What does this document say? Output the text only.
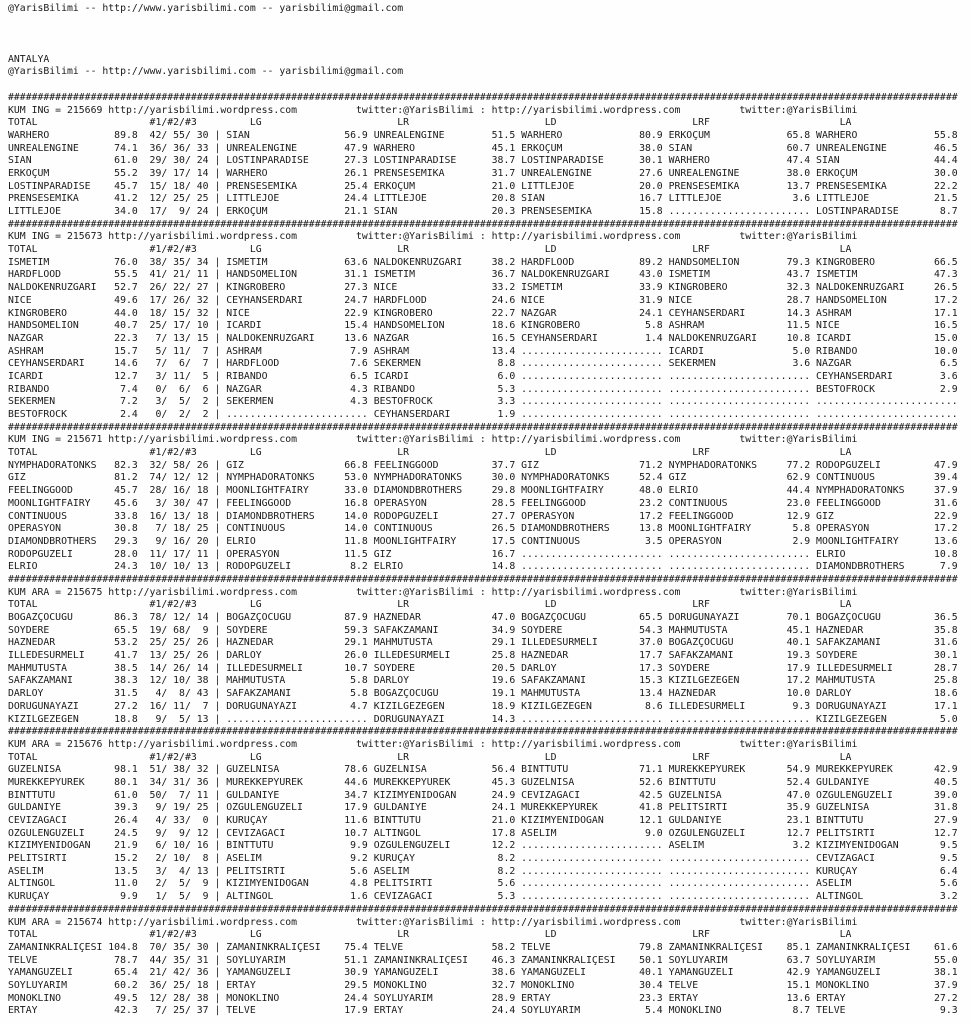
@YarisBilimi -- http://www.yarisbilimi.com -- yarisbilimi@gmail.com
ANTALYA
@YarisBilimi -- http://www.yarisbilimi.com -- yarisbilimi@gmail.com
#################################################################################################################################################################
KUM ING = 215669 http://yarisbilimi.wordpress.com          twitter:@YarisBilimi : http://yarisbilimi.wordpress.com          twitter:@YarisBilimi
TOTAL                   #1/#2/#3         LG                       LR                       LD                       LRF                      LA
WARHERO           89.8  42/ 55/ 30 | SIAN                56.9 UNREALENGINE        51.5 WARHERO             80.9 ERKOÇUM             65.8 WARHERO             55.8
UNREALENGINE      74.1  36/ 36/ 33 | UNREALENGINE        47.9 WARHERO             45.1 ERKOÇUM             38.0 SIAN                60.7 UNREALENGINE        46.5
SIAN              61.0  29/ 30/ 24 | LOSTINPARADISE      27.3 LOSTINPARADISE      38.7 LOSTINPARADISE      30.1 WARHERO             47.4 SIAN                44.4
ERKOÇUM           55.2  39/ 17/ 14 | WARHERO             26.1 PRENSESEMIKA        31.7 UNREALENGINE        27.6 UNREALENGINE        38.0 ERKOÇUM             30.0
LOSTINPARADISE    45.7  15/ 18/ 40 | PRENSESEMIKA        25.4 ERKOÇUM             21.0 LITTLEJOE           20.0 PRENSESEMIKA        13.7 PRENSESEMIKA        22.2
PRENSESEMIKA      41.2  12/ 25/ 25 | LITTLEJOE           24.4 LITTLEJOE           20.8 SIAN                16.7 LITTLEJOE            3.6 LITTLEJOE           21.5
LITTLEJOE         34.0  17/  9/ 24 | ERKOÇUM             21.1 SIAN                20.3 PRENSESEMIKA        15.8 ........................ LOSTINPARADISE       8.7
#################################################################################################################################################################
KUM ING = 215673 http://yarisbilimi.wordpress.com          twitter:@YarisBilimi : http://yarisbilimi.wordpress.com          twitter:@YarisBilimi
TOTAL                   #1/#2/#3         LG                       LR                       LD                       LRF                      LA
ISMETIM           76.0  38/ 35/ 34 | ISMETIM             63.6 NALDÖKENRÜZGARI     38.2 HARDFLOOD           89.2 HANDSOMELION        79.3 KINGROBERO          66.5
HARDFLOOD         55.5  41/ 21/ 11 | HANDSOMELION        31.1 ISMETIM             36.7 NALDÖKENRÜZGARI     43.0 ISMETIM             43.7 ISMETIM             47.3
NALDÖKENRÜZGARI   52.7  26/ 22/ 27 | KINGROBERO          27.3 NICE                33.2 ISMETIM             33.9 KINGROBERO          32.3 NALDÖKENRÜZGARI     26.5
NICE              49.6  17/ 26/ 32 | CEYHANSERDARI       24.7 HARDFLOOD           24.6 NICE                31.9 NICE                28.7 HANDSOMELION        17.2
KINGROBERO        44.0  18/ 15/ 32 | NICE                22.9 KINGROBERO          22.7 NAZGAR              24.1 CEYHANSERDARI       14.3 ASHRAM              17.1
HANDSOMELION      40.7  25/ 17/ 10 | ICARDI              15.4 HANDSOMELION        18.6 KINGROBERO           5.8 ASHRAM              11.5 NICE                16.5
NAZGAR            22.3   7/ 13/ 15 | NALDÖKENRÜZGARI     13.6 NAZGAR              16.5 CEYHANSERDARI        1.4 NALDÖKENRÜZGARI     10.8 ICARDI              15.0
ASHRAM            15.7   5/ 11/  7 | ASHRAM               7.9 ASHRAM              13.4 ........................ ICARDI               5.0 RIBANDO             10.0
CEYHANSERDARI     14.6   7/  6/  7 | HARDFLOOD            7.6 SEKERMEN             8.8 ........................ SEKERMEN             3.6 NAZGAR               6.5
ICARDI            12.7   3/ 11/  5 | RIBANDO              6.5 ICARDI               6.0 ........................ ........................ CEYHANSERDARI        3.6
RIBANDO            7.4   0/  6/  6 | NAZGAR               4.3 RIBANDO              5.3 ........................ ........................ BESTOFROCK           2.9
SEKERMEN           7.2   3/  5/  2 | SEKERMEN             4.3 BESTOFROCK           3.3 ........................ ........................ ........................
BESTOFROCK         2.4   0/  2/  2 | ........................ CEYHANSERDARI        1.9 ........................ ........................ ........................
#################################################################################################################################################################
KUM ING = 215671 http://yarisbilimi.wordpress.com          twitter:@YarisBilimi : http://yarisbilimi.wordpress.com          twitter:@YarisBilimi
TOTAL                   #1/#2/#3         LG                       LR                       LD                       LRF                      LA
NYMPHADORATONKS   82.3  32/ 58/ 26 | GIZ                 66.8 FEELINGGOOD         37.7 GIZ                 71.2 NYMPHADORATONKS     77.2 RODOPGÜZELI         47.9
GIZ               81.2  74/ 12/ 12 | NYMPHADORATONKS     53.0 NYMPHADORATONKS     30.0 NYMPHADORATONKS     52.4 GIZ                 62.9 CONTINUOUS          39.4
FEELINGGOOD       45.7  28/ 16/ 18 | MOONLIGHTFAIRY      33.0 DIAMONDBROTHERS     29.8 MOONLIGHTFAIRY      48.0 ELRIO               44.4 NYMPHADORATONKS     37.9
MOONLIGHTFAIRY    45.6   3/ 30/ 47 | FEELINGGOOD         16.8 OPERASYON           28.5 FEELINGGOOD         23.2 CONTINUOUS          23.0 FEELINGGOOD         31.6
CONTINUOUS        33.8  16/ 13/ 18 | DIAMONDBROTHERS     14.0 RODOPGÜZELI         27.7 OPERASYON           17.2 FEELINGGOOD         12.9 GIZ                 22.9
OPERASYON         30.8   7/ 18/ 25 | CONTINUOUS          14.0 CONTINUOUS          26.5 DIAMONDBROTHERS     13.8 MOONLIGHTFAIRY       5.8 OPERASYON           17.2
DIAMONDBROTHERS   29.3   9/ 16/ 20 | ELRIO               11.8 MOONLIGHTFAIRY      17.5 CONTINUOUS           3.5 OPERASYON            2.9 MOONLIGHTFAIRY      13.6
RODOPGÜZELI       28.0  11/ 17/ 11 | OPERASYON           11.5 GIZ                 16.7 ........................ ........................ ELRIO               10.8
ELRIO             24.3  10/ 10/ 13 | RODOPGÜZELI          8.2 ELRIO               14.8 ........................ ........................ DIAMONDBROTHERS      7.9
#################################################################################################################################################################
KUM ARA = 215675 http://yarisbilimi.wordpress.com          twitter:@YarisBilimi : http://yarisbilimi.wordpress.com          twitter:@YarisBilimi
TOTAL                   #1/#2/#3         LG                       LR                       LD                       LRF                      LA
BOGAZÇOCUGU       86.3  78/ 12/ 14 | BOGAZÇOCUGU         87.9 HAZNEDAR            47.0 BOGAZÇOCUGU         65.5 DORUGUNAYAZI        70.1 BOGAZÇOCUGU         36.5
SOYDERE           65.5  19/ 68/  9 | SOYDERE             59.3 SAFAKZAMANI         34.9 SOYDERE             54.3 MAHMUTUSTA          45.1 HAZNEDAR            35.8
HAZNEDAR          53.2  25/ 25/ 26 | HAZNEDAR            29.1 MAHMUTUSTA          29.1 ILLEDESÜRMELI       37.0 BOGAZÇOCUGU         40.1 SAFAKZAMANI         31.6
ILLEDESÜRMELI     41.7  13/ 25/ 26 | DARLÖY              26.0 ILLEDESÜRMELI       25.8 HAZNEDAR            17.7 SAFAKZAMANI         19.3 SOYDERE             30.1
MAHMUTUSTA        38.5  14/ 26/ 14 | ILLEDESÜRMELI       10.7 SOYDERE             20.5 DARLÖY              17.3 SOYDERE             17.9 ILLEDESÜRMELI       28.7
SAFAKZAMANI       38.3  12/ 10/ 38 | MAHMUTUSTA           5.8 DARLÖY              19.6 SAFAKZAMANI         15.3 KIZILGEZEGEN        17.2 MAHMUTUSTA          25.8
DARLÖY            31.5   4/  8/ 43 | SAFAKZAMANI          5.8 BOGAZÇOCUGU         19.1 MAHMUTUSTA          13.4 HAZNEDAR            10.0 DARLÖY              18.6
DORUGUNAYAZI      27.2  16/ 11/  7 | DORUGUNAYAZI         4.7 KIZILGEZEGEN        18.9 KIZILGEZEGEN         8.6 ILLEDESÜRMELI        9.3 DORUGUNAYAZI        17.1
KIZILGEZEGEN      18.8   9/  5/ 13 | ........................ DORUGUNAYAZI        14.3 ........................ ........................ KIZILGEZEGEN         5.0
#################################################################################################################################################################
KUM ARA = 215676 http://yarisbilimi.wordpress.com          twitter:@YarisBilimi : http://yarisbilimi.wordpress.com          twitter:@YarisBilimi
TOTAL                   #1/#2/#3         LG                       LR                       LD                       LRF                      LA
GÜZELNISA         98.1  51/ 38/ 32 | GÜZELNISA           78.6 GÜZELNISA           56.4 BINTTUTU            71.1 MÜREKKEPYÜREK       54.9 MÜREKKEPYÜREK       42.9
MÜREKKEPYÜREK     80.1  34/ 31/ 36 | MÜREKKEPYÜREK       44.6 MÜREKKEPYÜREK       45.3 GÜZELNISA           52.6 BINTTUTU            52.4 GÜLDANIYE           40.5
BINTTUTU          61.0  50/  7/ 11 | GÜLDANIYE           34.7 KIZIMYENIDOGAN      24.9 CEVIZAGACI          42.5 GÜZELNISA           47.0 ÖZGÜLENGÜZELI       39.0
GÜLDANIYE         39.3   9/ 19/ 25 | ÖZGÜLENGÜZELI       17.9 GÜLDANIYE           24.1 MÜREKKEPYÜREK       41.8 PELITSIRTI          35.9 GÜZELNISA           31.8
CEVIZAGACI        26.4   4/ 33/  0 | KURUÇAY             11.6 BINTTUTU            21.0 KIZIMYENIDOGAN      12.1 GÜLDANIYE           23.1 BINTTUTU            27.9
ÖZGÜLENGÜZELI     24.5   9/  9/ 12 | CEVIZAGACI          10.7 ALTINGÖL            17.8 ASELIM               9.0 ÖZGÜLENGÜZELI       12.7 PELITSIRTI          12.7
KIZIMYENIDOGAN    21.9   6/ 10/ 16 | BINTTUTU             9.9 ÖZGÜLENGÜZELI       12.2 ........................ ASELIM               3.2 KIZIMYENIDOGAN       9.5
PELITSIRTI        15.2   2/ 10/  8 | ASELIM               9.2 KURUÇAY              8.2 ........................ ........................ CEVIZAGACI           9.5
ASELIM            13.5   3/  4/ 13 | PELITSIRTI           5.6 ASELIM               8.2 ........................ ........................ KURUÇAY              6.4
ALTINGÖL          11.0   2/  5/  9 | KIZIMYENIDOGAN       4.8 PELITSIRTI           5.6 ........................ ........................ ASELIM               5.6
KURUÇAY            9.9   1/  5/  9 | ALTINGÖL             1.6 CEVIZAGACI           5.3 ........................ ........................ ALTINGÖL             3.2
#################################################################################################################################################################
KUM ARA = 215674 http://yarisbilimi.wordpress.com          twitter:@YarisBilimi : http://yarisbilimi.wordpress.com          twitter:@YarisBilimi
TOTAL                   #1/#2/#3         LG                       LR                       LD                       LRF                      LA
ZAMANINKRALIÇESI 104.8  70/ 35/ 30 | ZAMANINKRALIÇESI    75.4 TELVE               58.2 TELVE               79.8 ZAMANINKRALIÇESI    85.1 ZAMANINKRALIÇESI    61.6
TELVE             78.7  44/ 35/ 31 | SOYLUYARIM          51.1 ZAMANINKRALIÇESI    46.3 ZAMANINKRALIÇESI    50.1 SOYLUYARIM          63.7 SOYLUYARIM          55.0
YAMANGÜZELI       65.4  21/ 42/ 36 | YAMANGÜZELI         30.9 YAMANGÜZELI         38.6 YAMANGÜZELI         40.1 YAMANGÜZELI         42.9 YAMANGÜZELI         38.1
SOYLUYARIM        60.2  36/ 25/ 18 | ERTAY               29.5 MONOKLINO           32.7 MONOKLINO           30.4 TELVE               15.1 MONOKLINO           37.9
MONOKLINO         49.5  12/ 28/ 38 | MONOKLINO           24.4 SOYLUYARIM          28.9 ERTAY               23.3 ERTAY               13.6 ERTAY               27.2
ERTAY             42.3   7/ 25/ 37 | TELVE               17.9 ERTAY               24.4 SOYLUYARIM           5.4 MONOKLINO            8.7 TELVE                9.3
